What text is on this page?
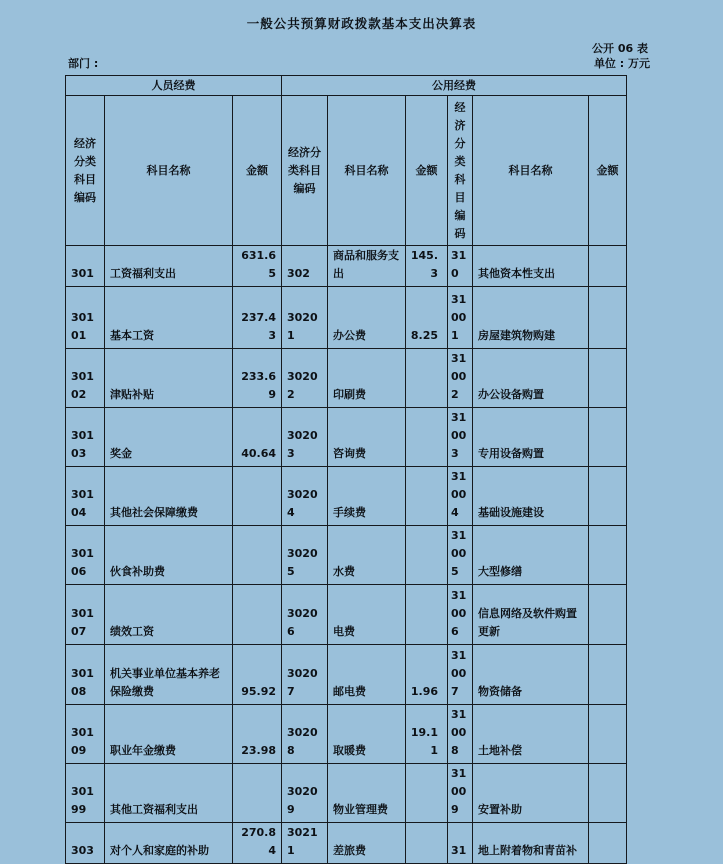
一般公共预算财政拨款基本支出决算表
公开 06 表
部门 :	单位 : 万元
人员经费			公用经费					
经济分类科目编码	科目名称	金额	经济分类科目编码	科目名称	金额	经济分类科目编码	科目名称	金额
301	工资福利支出	631.65	302	商品和服务支出	145.3	310	其他资本性支出	
30101	基本工资	237.43	30201	办公费	8.25	31001	房屋建筑物购建	
30102	津贴补贴	233.69	30202	印刷费		31002	办公设备购置	
30103	奖金	40.64	30203	咨询费		31003	专用设备购置	
30104	其他社会保障缴费		30204	手续费		31004	基础设施建设	
30106	伙食补助费		30205	水费		31005	大型修缮	
30107	绩效工资		30206	电费		31006	信息网络及软件购置更新	
30108	机关事业单位基本养老保险缴费	95.92	30207	邮电费	1.96	31007	物资储备	
30109	职业年金缴费	23.98	30208	取暖费	19.11	31008	土地补偿	
30199	其他工资福利支出		30209	物业管理费		31009	安置补助	
303	对个人和家庭的补助	270.84	30211	差旅费		31	地上附着物和青苗补	
